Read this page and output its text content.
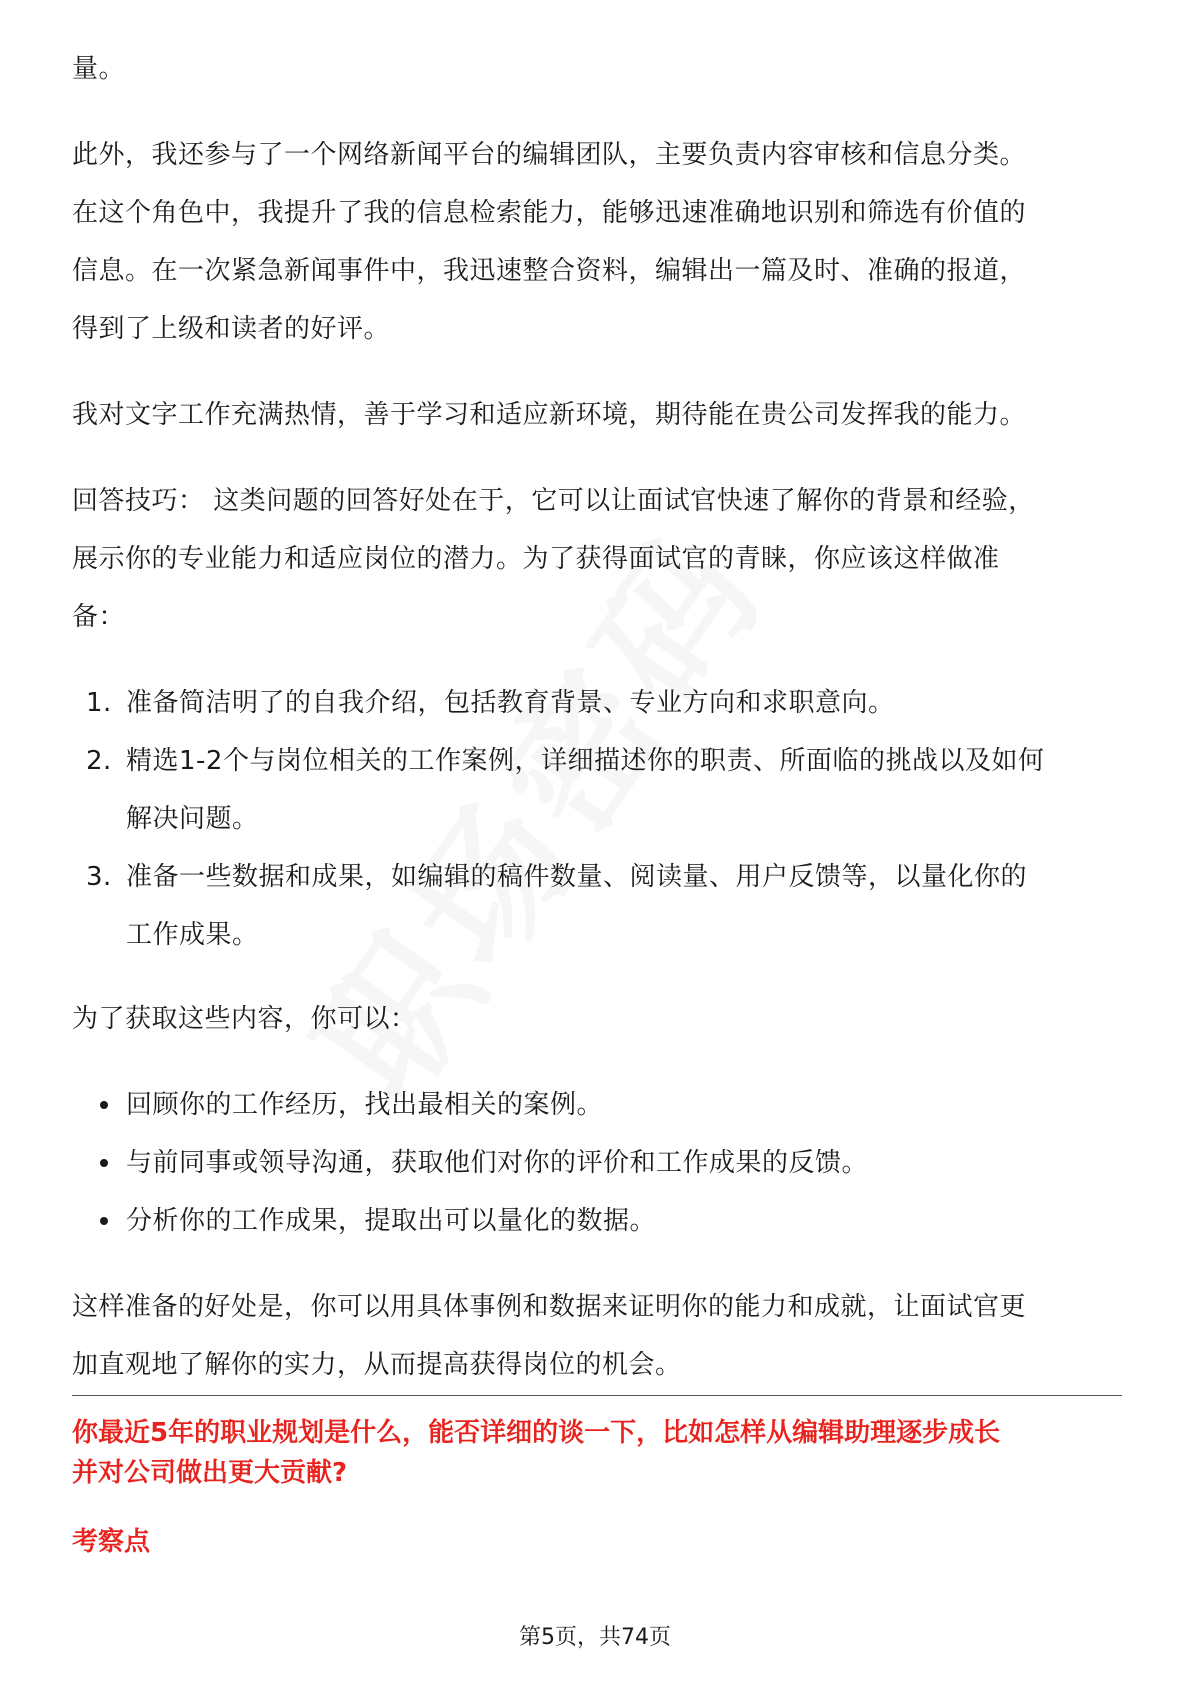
量。

此外，我还参与了一个网络新闻平台的编辑团队，主要负责内容审核和信息分类。

在这个角色中，我提升了我的信息检索能力，能够迅速准确地识别和筛选有价值的

信息。在一次紧急新闻事件中，我迅速整合资料，编辑出一篇及时、准确的报道，

得到了上级和读者的好评。

我对文字工作充满热情，善于学习和适应新环境，期待能在贵公司发挥我的能力。

回答技巧： 这类问题的回答好处在于，它可以让面试官快速了解你的背景和经验，

展示你的专业能力和适应岗位的潜力。为了获得面试官的青睐，你应该这样做准

备：

1. 准备简洁明了的自我介绍，包括教育背景、专业方向和求职意向。
2. 精选1-2个与岗位相关的工作案例，详细描述你的职责、所面临的挑战以及如何
解决问题。
3. 准备一些数据和成果，如编辑的稿件数量、阅读量、用户反馈等，以量化你的
工作成果。

为了获取这些内容，你可以：

回顾你的工作经历，找出最相关的案例。
与前同事或领导沟通，获取他们对你的评价和工作成果的反馈。
分析你的工作成果，提取出可以量化的数据。

这样准备的好处是，你可以用具体事例和数据来证明你的能力和成就，让面试官更

加直观地了解你的实力，从而提高获得岗位的机会。

你最近5年的职业规划是什么，能否详细的谈一下，比如怎样从编辑助理逐步成长
并对公司做出更大贡献?
考察点
第5页，共74页
